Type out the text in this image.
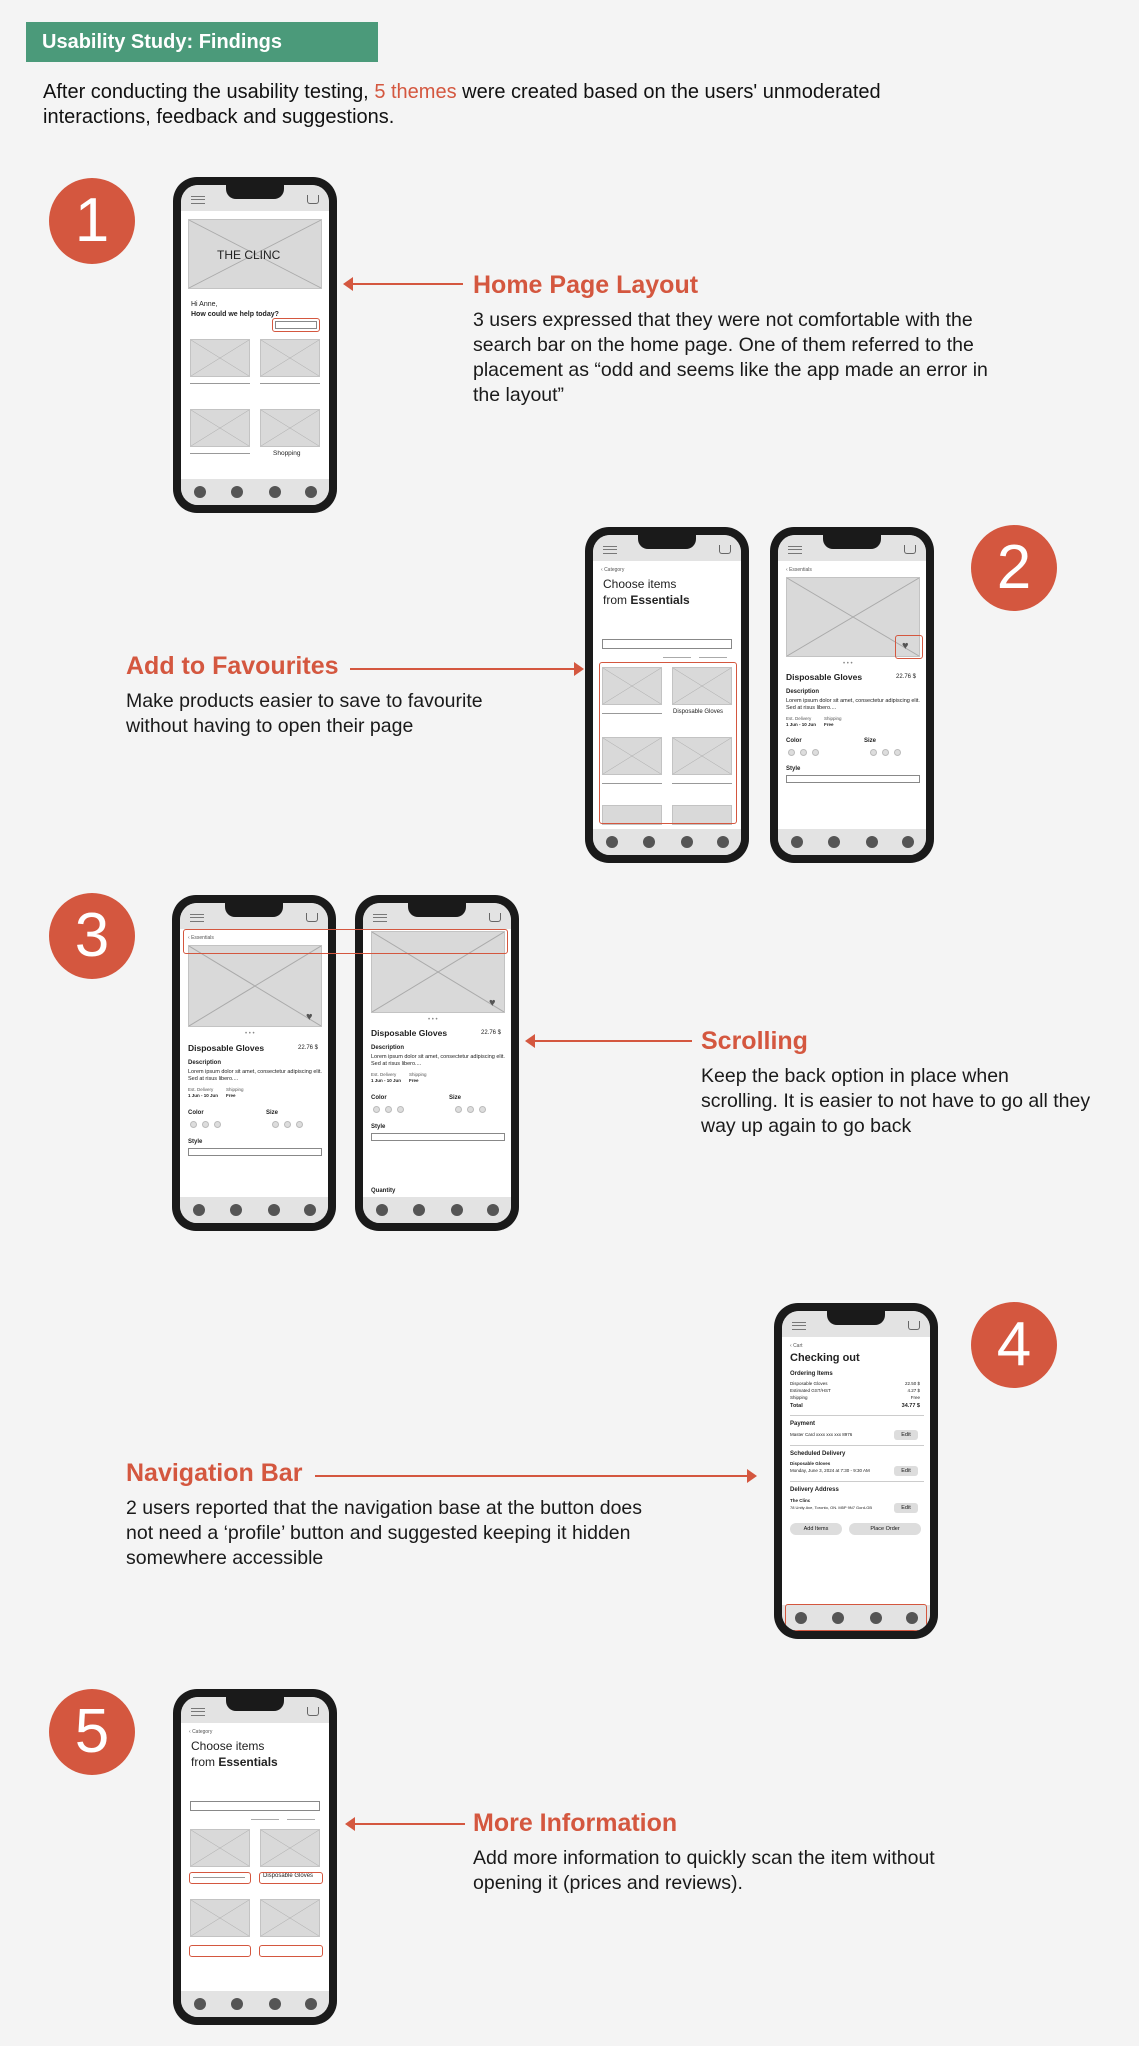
Usability Study: Findings

After conducting the usability testing, 5 themes were created based on the users' unmoderated interactions, feedback and suggestions.

1	THE CLINC
Hi Anne,
How could we help today?
Shopping
Home Page Layout

3 users expressed that they were not comfortable with the search bar on the home page. One of them referred to the placement as “odd and seems like the app made an error in the layout”

2
Add to Favourites

Make products easier to save to favourite without having to open their page

‹ Category
Choose items
from Essentials
Disposable Gloves
‹ Essentials
♥
• • •
Disposable Gloves	22.76 $
Description
Lorem ipsum dolor sit amet, consectetur adipiscing elit. Sed at risus libero....
Est. Delivery
1 Jun - 10 Jun
Shipping
Free
Color	Size
Style
3	‹ Essentials
♥
• • •
Disposable Gloves	22.76 $
Description
Lorem ipsum dolor sit amet, consectetur adipiscing elit. Sed at risus libero....
Est. Delivery
1 Jun - 10 Jun
Shipping
Free
Color	Size
Style
♥
• • •
Disposable Gloves	22.76 $
Description
Lorem ipsum dolor sit amet, consectetur adipiscing elit. Sed at risus libero....
Est. Delivery
1 Jun - 10 Jun
Shipping
Free
Color	Size
Style
Quantity
Scrolling

Keep the back option in place when scrolling. It is easier to not have to go all they way up again to go back

4
Navigation Bar

2 users reported that the navigation base at the button does not need a ‘profile’ button and suggested keeping it hidden somewhere accessible

‹ Cart
Checking out
Ordering Items
Disposable Gloves	22.50 $
Estimated GST/HST	4.27 $
Shipping	Free
Total	34.77 $
Payment
Master Card xxxx xxx xxx 8976	Edit
Scheduled Delivery
Disposable Gloves
Monday, June 3, 2024 at 7:30 - 9:30 AM	Edit
Delivery Address
The Clinc
78 Unity Ave, Toronto, ON. M5P 9N7 Gord-GB	Edit
Add Items	Place Order
5	‹ Category
Choose items
from Essentials
Disposable Gloves
More Information

Add more information to quickly scan the item without opening it (prices and reviews).
